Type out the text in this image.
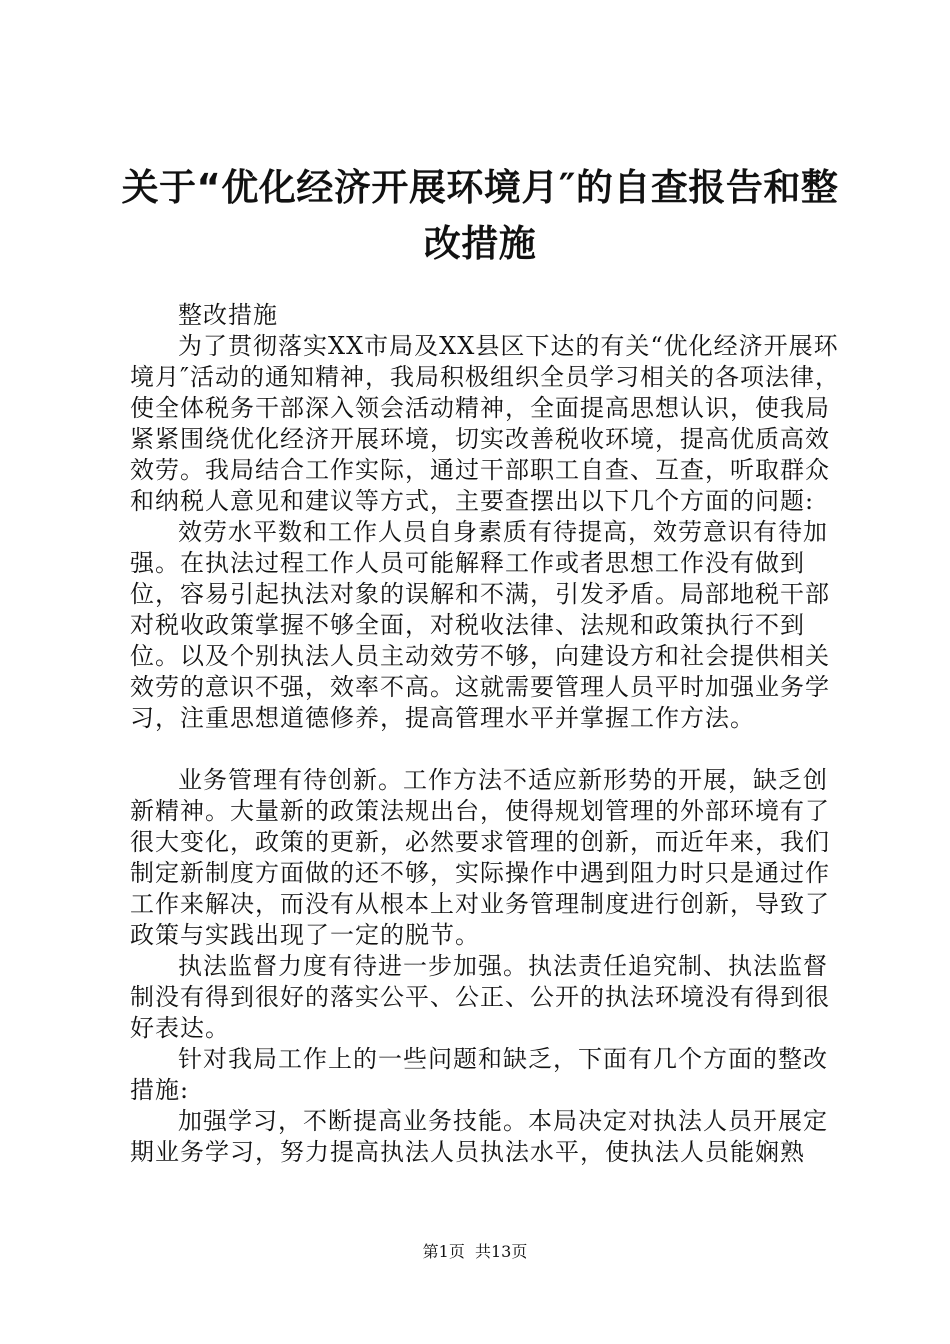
关于“优化经济开展环境月″的自查报告和整
改措施

整改措施

为了贯彻落实XX市局及XX县区下达的有关“优化经济开展环境月″活动的通知精神，我局积极组织全员学习相关的各项法律，使全体税务干部深入领会活动精神，全面提高思想认识，使我局紧紧围绕优化经济开展环境，切实改善税收环境，提高优质高效效劳。我局结合工作实际，通过干部职工自查、互查，听取群众和纳税人意见和建议等方式，主要查摆出以下几个方面的问题:

效劳水平数和工作人员自身素质有待提高，效劳意识有待加强。在执法过程工作人员可能解释工作或者思想工作没有做到位，容易引起执法对象的误解和不满，引发矛盾。局部地税干部对税收政策掌握不够全面，对税收法律、法规和政策执行不到位。以及个别执法人员主动效劳不够，向建设方和社会提供相关效劳的意识不强，效率不高。这就需要管理人员平时加强业务学习，注重思想道德修养，提高管理水平并掌握工作方法。

业务管理有待创新。工作方法不适应新形势的开展，缺乏创新精神。大量新的政策法规出台，使得规划管理的外部环境有了很大变化，政策的更新，必然要求管理的创新，而近年来，我们制定新制度方面做的还不够，实际操作中遇到阻力时只是通过作工作来解决，而没有从根本上对业务管理制度进行创新，导致了政策与实践出现了一定的脱节。

执法监督力度有待进一步加强。执法责任追究制、执法监督制没有得到很好的落实公平、公正、公开的执法环境没有得到很好表达。

针对我局工作上的一些问题和缺乏，下面有几个方面的整改措施:

加强学习，不断提高业务技能。本局决定对执法人员开展定期业务学习，努力提高执法人员执法水平，使执法人员能娴熟

第1页  共13页
